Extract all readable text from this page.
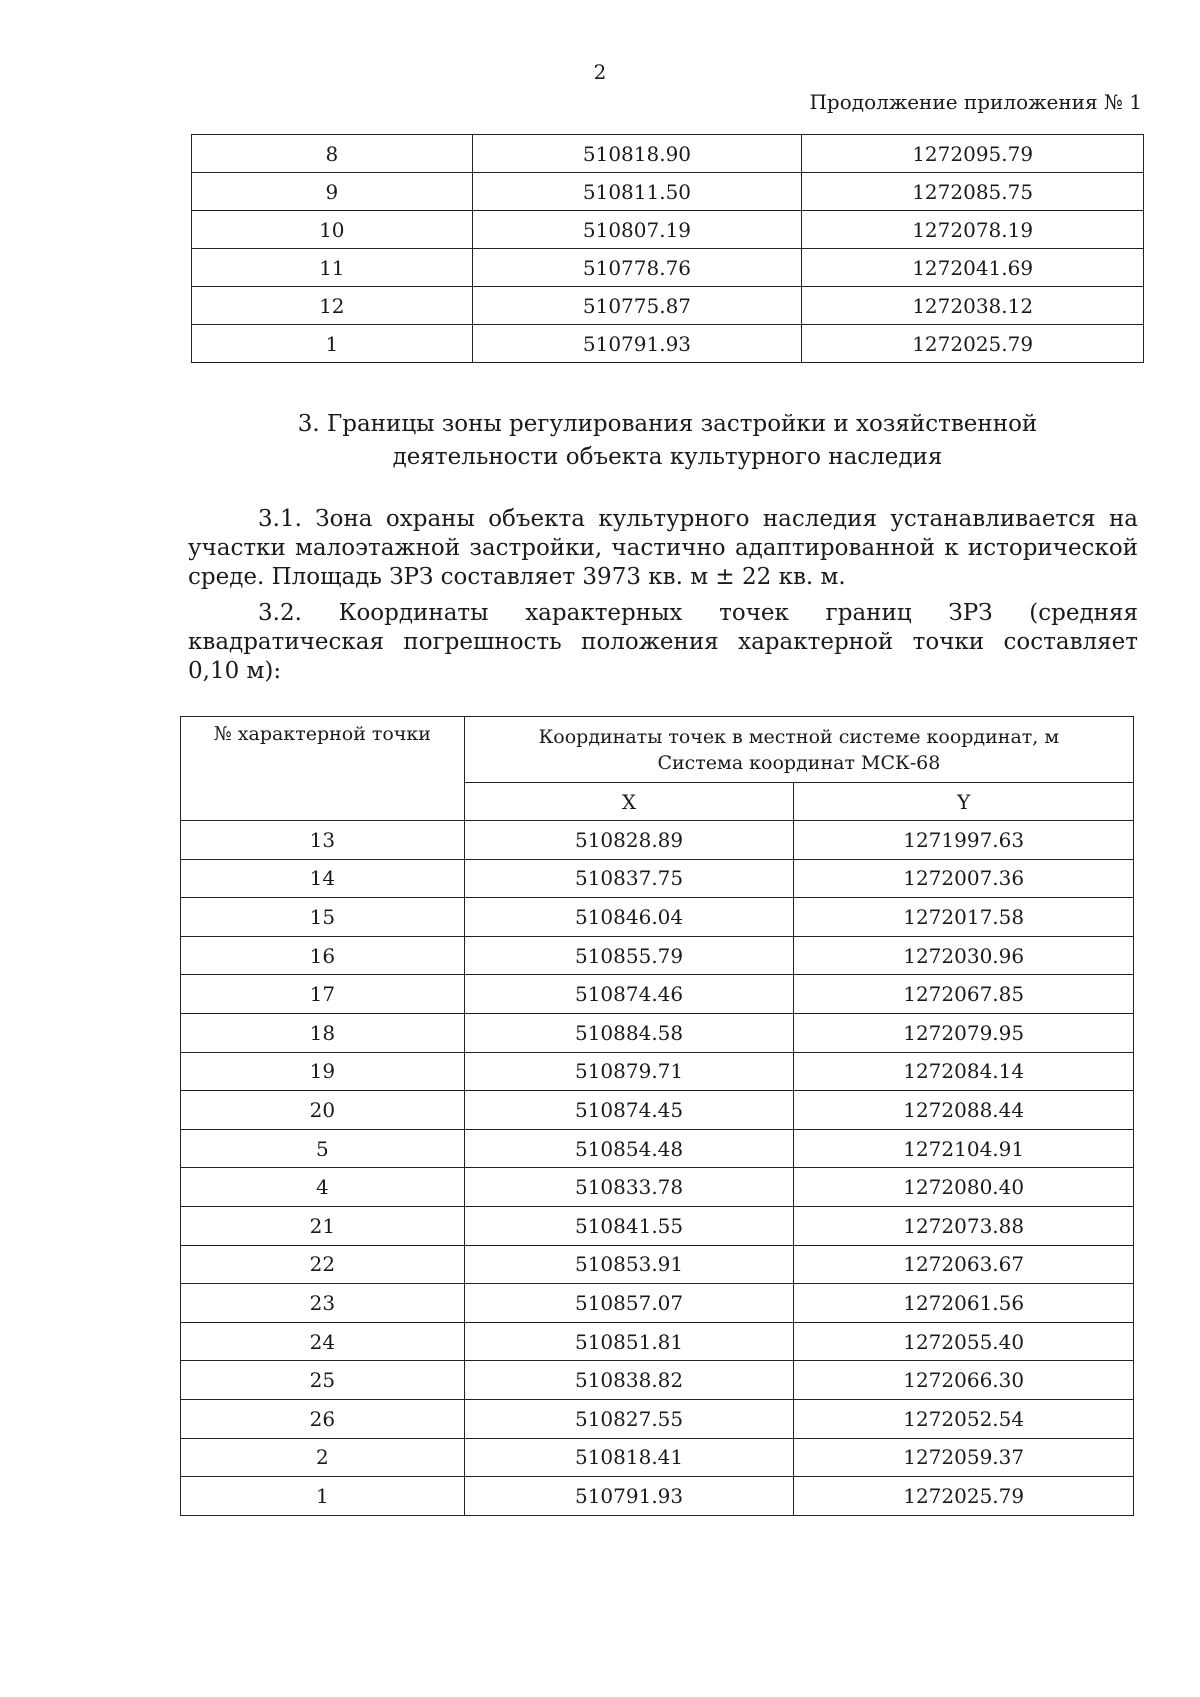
2
Продолжение приложения № 1
8	510818.90	1272095.79
9	510811.50	1272085.75
10	510807.19	1272078.19
11	510778.76	1272041.69
12	510775.87	1272038.12
1	510791.93	1272025.79
3. Границы зоны регулирования застройки и хозяйственной
деятельности объекта культурного наследия
3.1. Зона охраны объекта культурного наследия устанавливается на
участки малоэтажной застройки, частично адаптированной к исторической
среде. Площадь ЗРЗ составляет 3973 кв. м ± 22 кв. м.
3.2. Координаты характерных точек границ ЗРЗ (средняя
квадратическая погрешность положения характерной точки составляет
0,10 м):
№ характерной точки	Координаты точек в местной системе координат, м
Система координат МСК-68	

	X	Y
13	510828.89	1271997.63
14	510837.75	1272007.36
15	510846.04	1272017.58
16	510855.79	1272030.96
17	510874.46	1272067.85
18	510884.58	1272079.95
19	510879.71	1272084.14
20	510874.45	1272088.44
5	510854.48	1272104.91
4	510833.78	1272080.40
21	510841.55	1272073.88
22	510853.91	1272063.67
23	510857.07	1272061.56
24	510851.81	1272055.40
25	510838.82	1272066.30
26	510827.55	1272052.54
2	510818.41	1272059.37
1	510791.93	1272025.79
